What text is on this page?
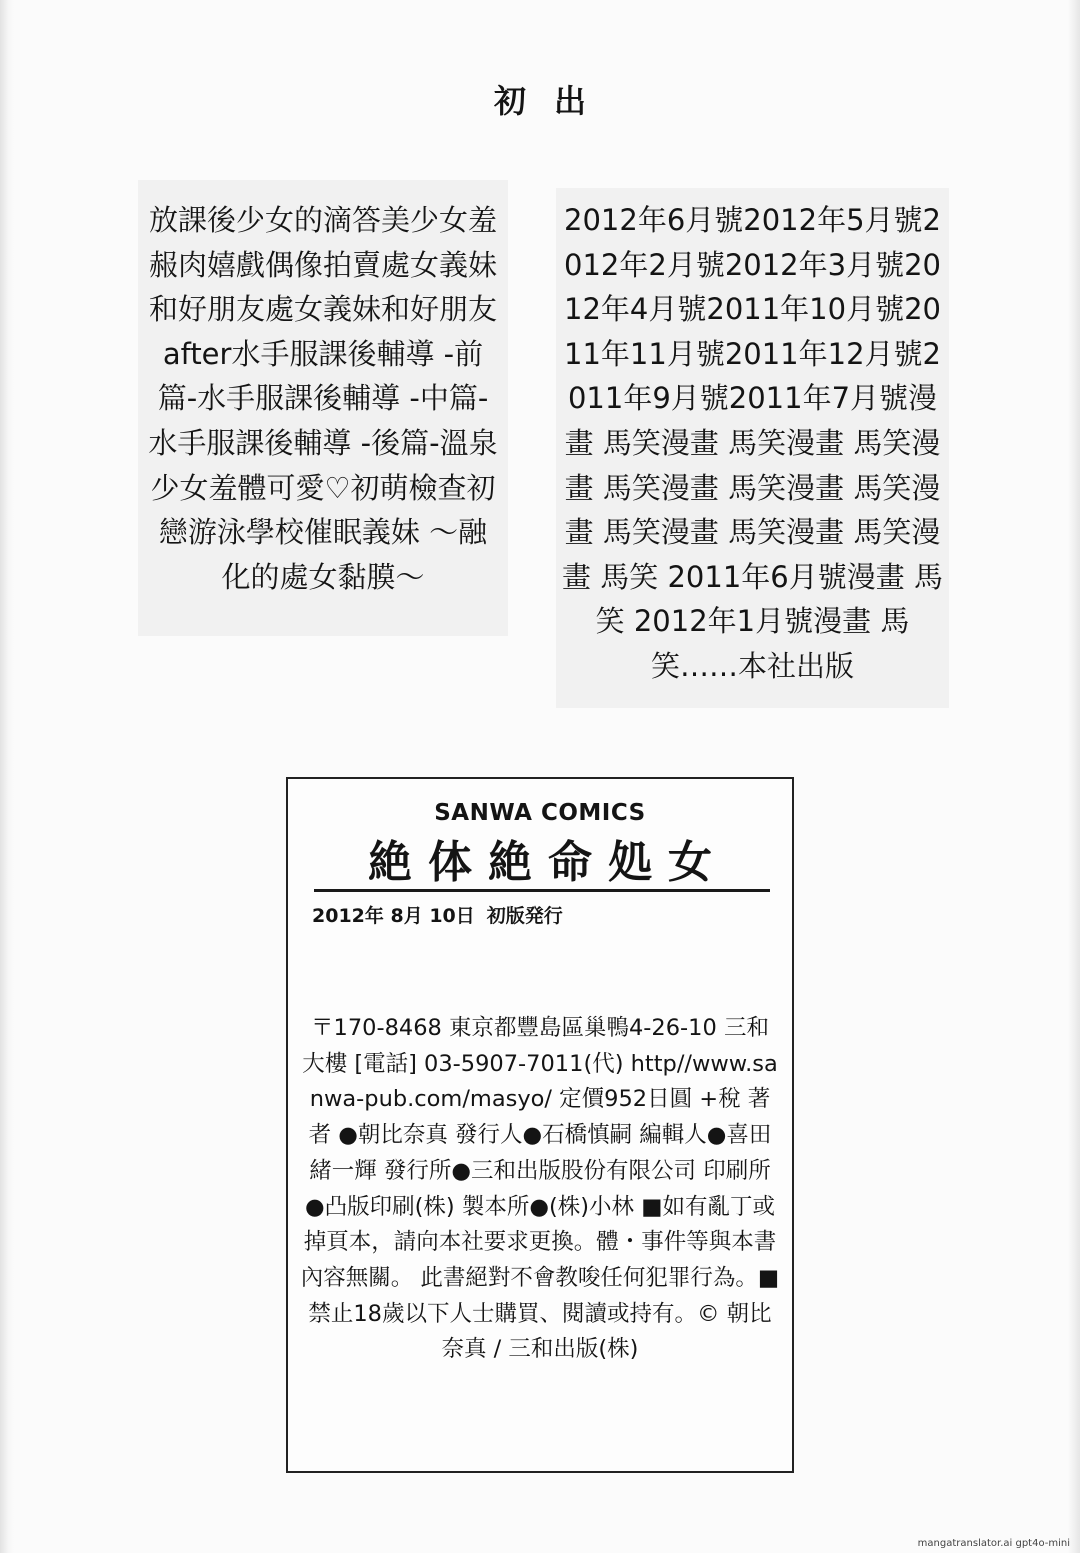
初出
放課後少女的滴答美少女羞赧肉嬉戲偶像拍賣處女義妹和好朋友處女義妹和好朋友 after水手服課後輔導 -前篇-水手服課後輔導 -中篇-水手服課後輔導 -後篇-溫泉少女羞體可愛♡初萌檢查初戀游泳學校催眠義妹 ～融化的處女黏膜～
2012年6月號2012年5月號2012年2月號2012年3月號2012年4月號2011年10月號2011年11月號2011年12月號2011年9月號2011年7月號漫畫 馬笑漫畫 馬笑漫畫 馬笑漫畫 馬笑漫畫 馬笑漫畫 馬笑漫畫 馬笑漫畫 馬笑漫畫 馬笑漫畫 馬笑 2011年6月號漫畫 馬笑 2012年1月號漫畫 馬笑……本社出版
SANWA COMICS
絶体絶命処女
2012年 8月 10日 初版発行
〒170-8468 東京都豐島區巢鴨4-26-10 三和大樓 [電話] 03-5907-7011(代) http//www.sanwa-pub.com/masyo/ 定價952日圓 +稅 著者 ●朝比奈真 發行人●石橋慎嗣 編輯人●喜田緒一輝 發行所●三和出版股份有限公司 印刷所●凸版印刷(株) 製本所●(株)小林 ■如有亂丁或掉頁本，請向本社要求更換。體・事件等與本書內容無關。 此書絕對不會教唆任何犯罪行為。■禁止18歲以下人士購買、閱讀或持有。© 朝比奈真 / 三和出版(株)
mangatranslator.ai gpt4o-mini
